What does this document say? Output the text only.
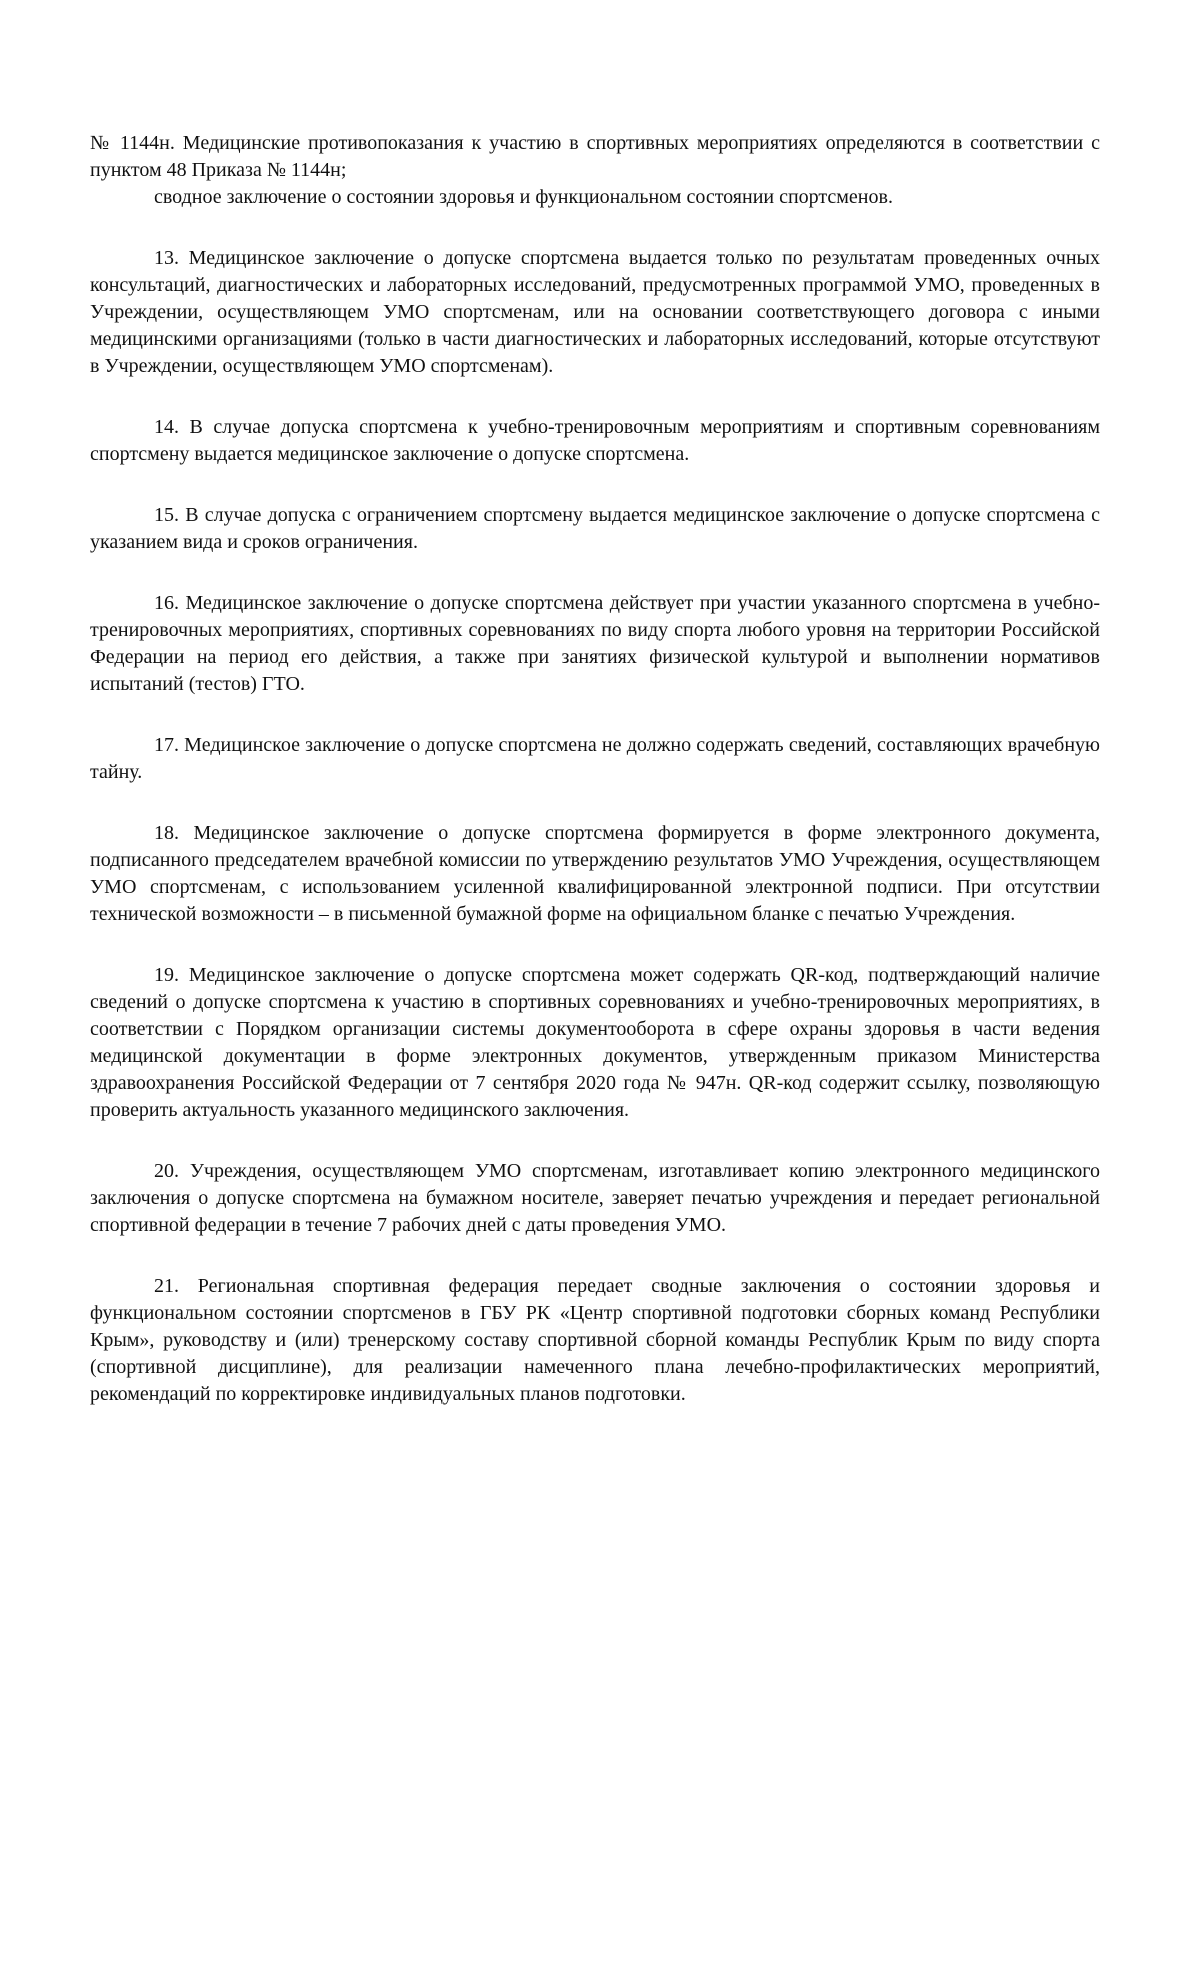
№ 1144н. Медицинские противопоказания к участию в спортивных мероприятиях определяются в соответствии с пунктом 48 Приказа № 1144н;

сводное заключение о состоянии здоровья и функциональном состоянии спортсменов.

13. Медицинское заключение о допуске спортсмена выдается только по результатам проведенных очных консультаций, диагностических и лабораторных исследований, предусмотренных программой УМО, проведенных в Учреждении, осуществляющем УМО спортсменам, или на основании соответствующего договора с иными медицинскими организациями (только в части диагностических и лабораторных исследований, которые отсутствуют в Учреждении, осуществляющем УМО спортсменам).

14. В случае допуска спортсмена к учебно-тренировочным мероприятиям и спортивным соревнованиям спортсмену выдается медицинское заключение о допуске спортсмена.

15. В случае допуска с ограничением спортсмену выдается медицинское заключение о допуске спортсмена с указанием вида и сроков ограничения.

16. Медицинское заключение о допуске спортсмена действует при участии указанного спортсмена в учебно-тренировочных мероприятиях, спортивных соревнованиях по виду спорта любого уровня на территории Российской Федерации на период его действия, а также при занятиях физической культурой и выполнении нормативов испытаний (тестов) ГТО.

17. Медицинское заключение о допуске спортсмена не должно содержать сведений, составляющих врачебную тайну.

18. Медицинское заключение о допуске спортсмена формируется в форме электронного документа, подписанного председателем врачебной комиссии по утверждению результатов УМО Учреждения, осуществляющем УМО спортсменам, с использованием усиленной квалифицированной электронной подписи. При отсутствии технической возможности – в письменной бумажной форме на официальном бланке с печатью Учреждения.

19. Медицинское заключение о допуске спортсмена может содержать QR-код, подтверждающий наличие сведений о допуске спортсмена к участию в спортивных соревнованиях и учебно-тренировочных мероприятиях, в соответствии с Порядком организации системы документооборота в сфере охраны здоровья в части ведения медицинской документации в форме электронных документов, утвержденным приказом Министерства здравоохранения Российской Федерации от 7 сентября 2020 года № 947н. QR-код содержит ссылку, позволяющую проверить актуальность указанного медицинского заключения.

20. Учреждения, осуществляющем УМО спортсменам, изготавливает копию электронного медицинского заключения о допуске спортсмена на бумажном носителе, заверяет печатью учреждения и передает региональной спортивной федерации в течение 7 рабочих дней с даты проведения УМО.

21. Региональная спортивная федерация передает сводные заключения о состоянии здоровья и функциональном состоянии спортсменов в ГБУ РК «Центр спортивной подготовки сборных команд Республики Крым», руководству и (или) тренерскому составу спортивной сборной команды Республик Крым по виду спорта (спортивной дисциплине), для реализации намеченного плана лечебно-профилактических мероприятий, рекомендаций по корректировке индивидуальных планов подготовки.
